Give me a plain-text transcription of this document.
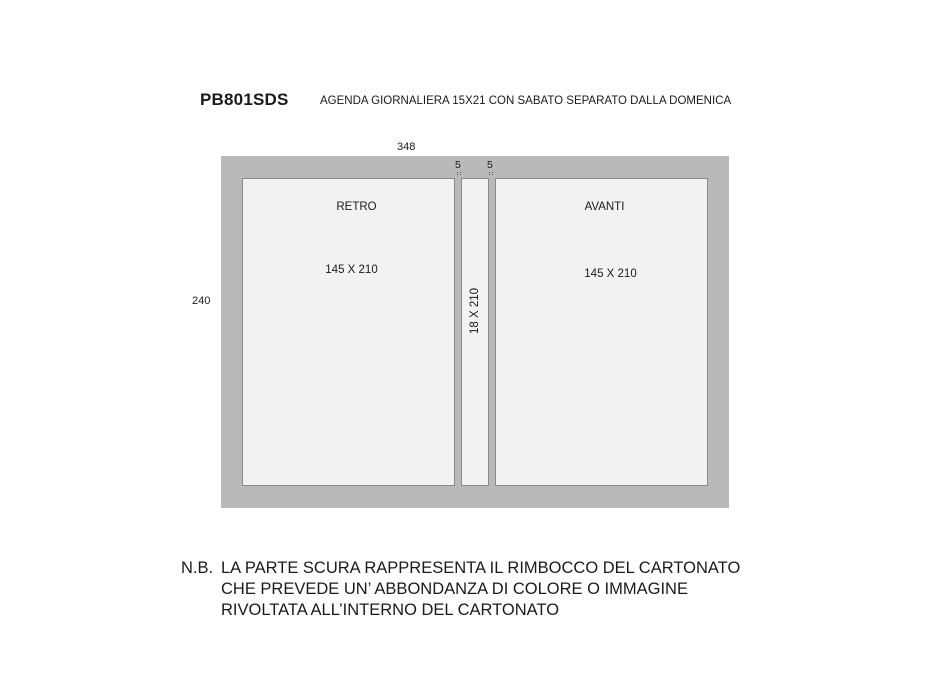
PB801SDS	AGENDA GIORNALIERA 15X21 CON SABATO SEPARATO DALLA DOMENICA
348
240
5 5
RETRO
145 X 210
AVANTI
145 X 210
18 X 210
N.B. LA PARTE SCURA RAPPRESENTA IL RIMBOCCO DEL CARTONATO
CHE PREVEDE UN’ ABBONDANZA DI COLORE O IMMAGINE
RIVOLTATA ALL’INTERNO DEL CARTONATO
